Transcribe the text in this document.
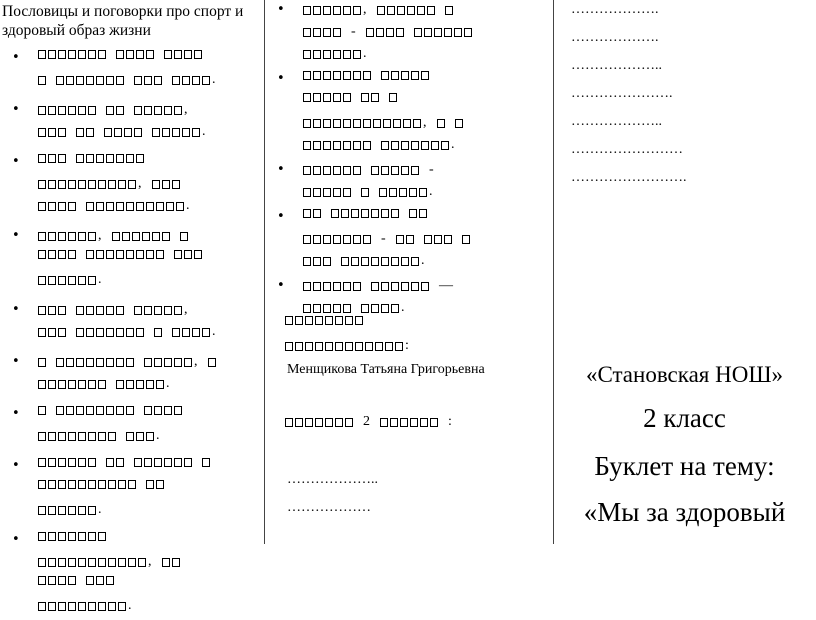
Пословицы и поговорки про спорт и здоровый образ жизни
.
,
.
,
.
,
.
,
.
,
.
.
.
,
.
,
-
.
,
.
-
.
-
.
—
.
:
Менщикова Татьяна Григорьевна
2	:
………………..
………………
……………….
……………….
………………..
………………….
………………..
……………………
…………………….
«Становская НОШ»
2 класс
Буклет на тему:
«Мы за здоровый
